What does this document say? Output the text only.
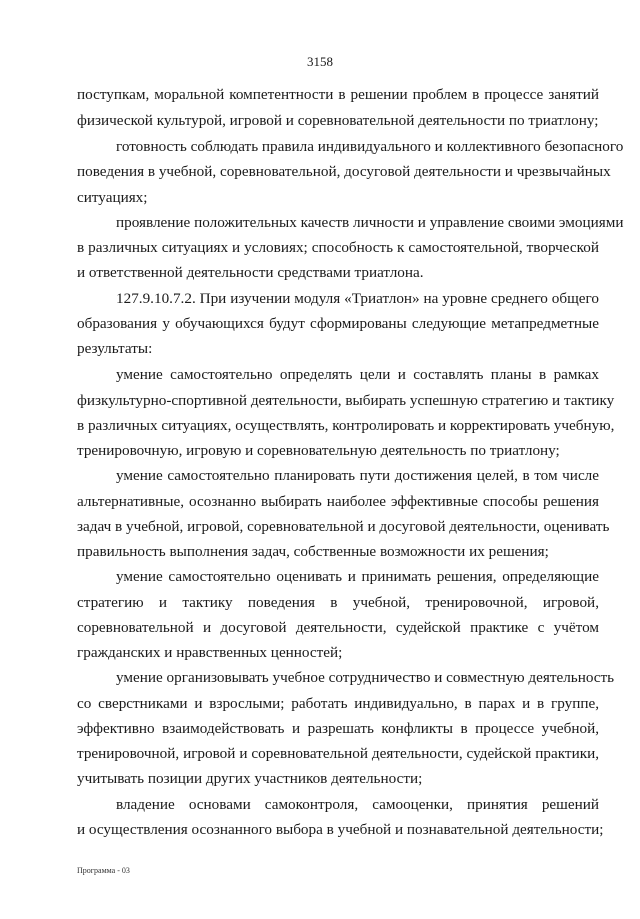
3158
поступкам, моральной компетентности в решении проблем в процессе занятий
физической культурой, игровой и соревновательной деятельности по триатлону;
готовность соблюдать правила индивидуального и коллективного безопасного
поведения в учебной, соревновательной, досуговой деятельности и чрезвычайных
ситуациях;
проявление положительных качеств личности и управление своими эмоциями
в различных ситуациях и условиях; способность к самостоятельной, творческой
и ответственной деятельности средствами триатлона.
127.9.10.7.2. При изучении модуля «Триатлон» на уровне среднего общего
образования у обучающихся будут сформированы следующие метапредметные
результаты:
умение самостоятельно определять цели и составлять планы в рамках
физкультурно-спортивной деятельности, выбирать успешную стратегию и тактику
в различных ситуациях, осуществлять, контролировать и корректировать учебную,
тренировочную, игровую и соревновательную деятельность по триатлону;
умение самостоятельно планировать пути достижения целей, в том числе
альтернативные, осознанно выбирать наиболее эффективные способы решения
задач в учебной, игровой, соревновательной и досуговой деятельности, оценивать
правильность выполнения задач, собственные возможности их решения;
умение самостоятельно оценивать и принимать решения, определяющие
стратегию и тактику поведения в учебной, тренировочной, игровой,
соревновательной и досуговой деятельности, судейской практике с учётом
гражданских и нравственных ценностей;
умение организовывать учебное сотрудничество и совместную деятельность
со сверстниками и взрослыми; работать индивидуально, в парах и в группе,
эффективно взаимодействовать и разрешать конфликты в процессе учебной,
тренировочной, игровой и соревновательной деятельности, судейской практики,
учитывать позиции других участников деятельности;
владение основами самоконтроля, самооценки, принятия решений
и осуществления осознанного выбора в учебной и познавательной деятельности;
Программа - 03
